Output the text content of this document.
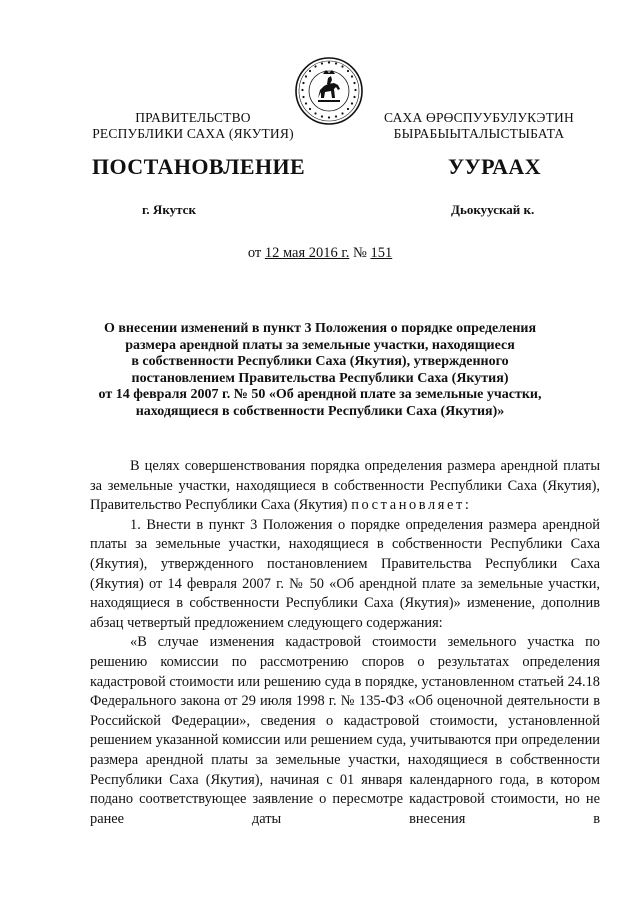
ПРАВИТЕЛЬСТВО
РЕСПУБЛИКИ САХА (ЯКУТИЯ)
САХА ӨРӨСПУУБУЛУКЭТИН
БЫРАБЫЫТАЛЫСТЫБАТА
ПОСТАНОВЛЕНИЕ	УУРААХ
г. Якутск	Дьокуускай к.
от 12 мая 2016 г. № 151
О внесении изменений в пункт 3 Положения о порядке определения
размера арендной платы за земельные участки, находящиеся
в собственности Республики Саха (Якутия), утвержденного
постановлением Правительства Республики Саха (Якутия)
от 14 февраля 2007 г. № 50 «Об арендной плате за земельные участки,
находящиеся в собственности Республики Саха (Якутия)»

В целях совершенствования порядка определения размера арендной платы за земельные участки, находящиеся в собственности Республики Саха (Якутия), Правительство Республики Саха (Якутия) постановляет:

1. Внести в пункт 3 Положения о порядке определения размера арендной платы за земельные участки, находящиеся в собственности Республики Саха (Якутия), утвержденного постановлением Правительства Республики Саха (Якутия) от 14 февраля 2007 г. № 50 «Об арендной плате за земельные участки, находящиеся в собственности Республики Саха (Якутия)» изменение, дополнив абзац четвертый предложением следующего содержания:

«В случае изменения кадастровой стоимости земельного участка по решению комиссии по рассмотрению споров о результатах определения кадастровой стоимости или решению суда в порядке, установленном статьей 24.18 Федерального закона от 29 июля 1998 г. № 135-ФЗ «Об оценочной деятельности в Российской Федерации», сведения о кадастровой стоимости, установленной решением указанной комиссии или решением суда, учитываются при определении размера арендной платы за земельные участки, находящиеся в собственности Республики Саха (Якутия), начиная с 01 января календарного года, в котором подано соответствующее заявление о пересмотре кадастровой стоимости, но не ранее даты внесения в
